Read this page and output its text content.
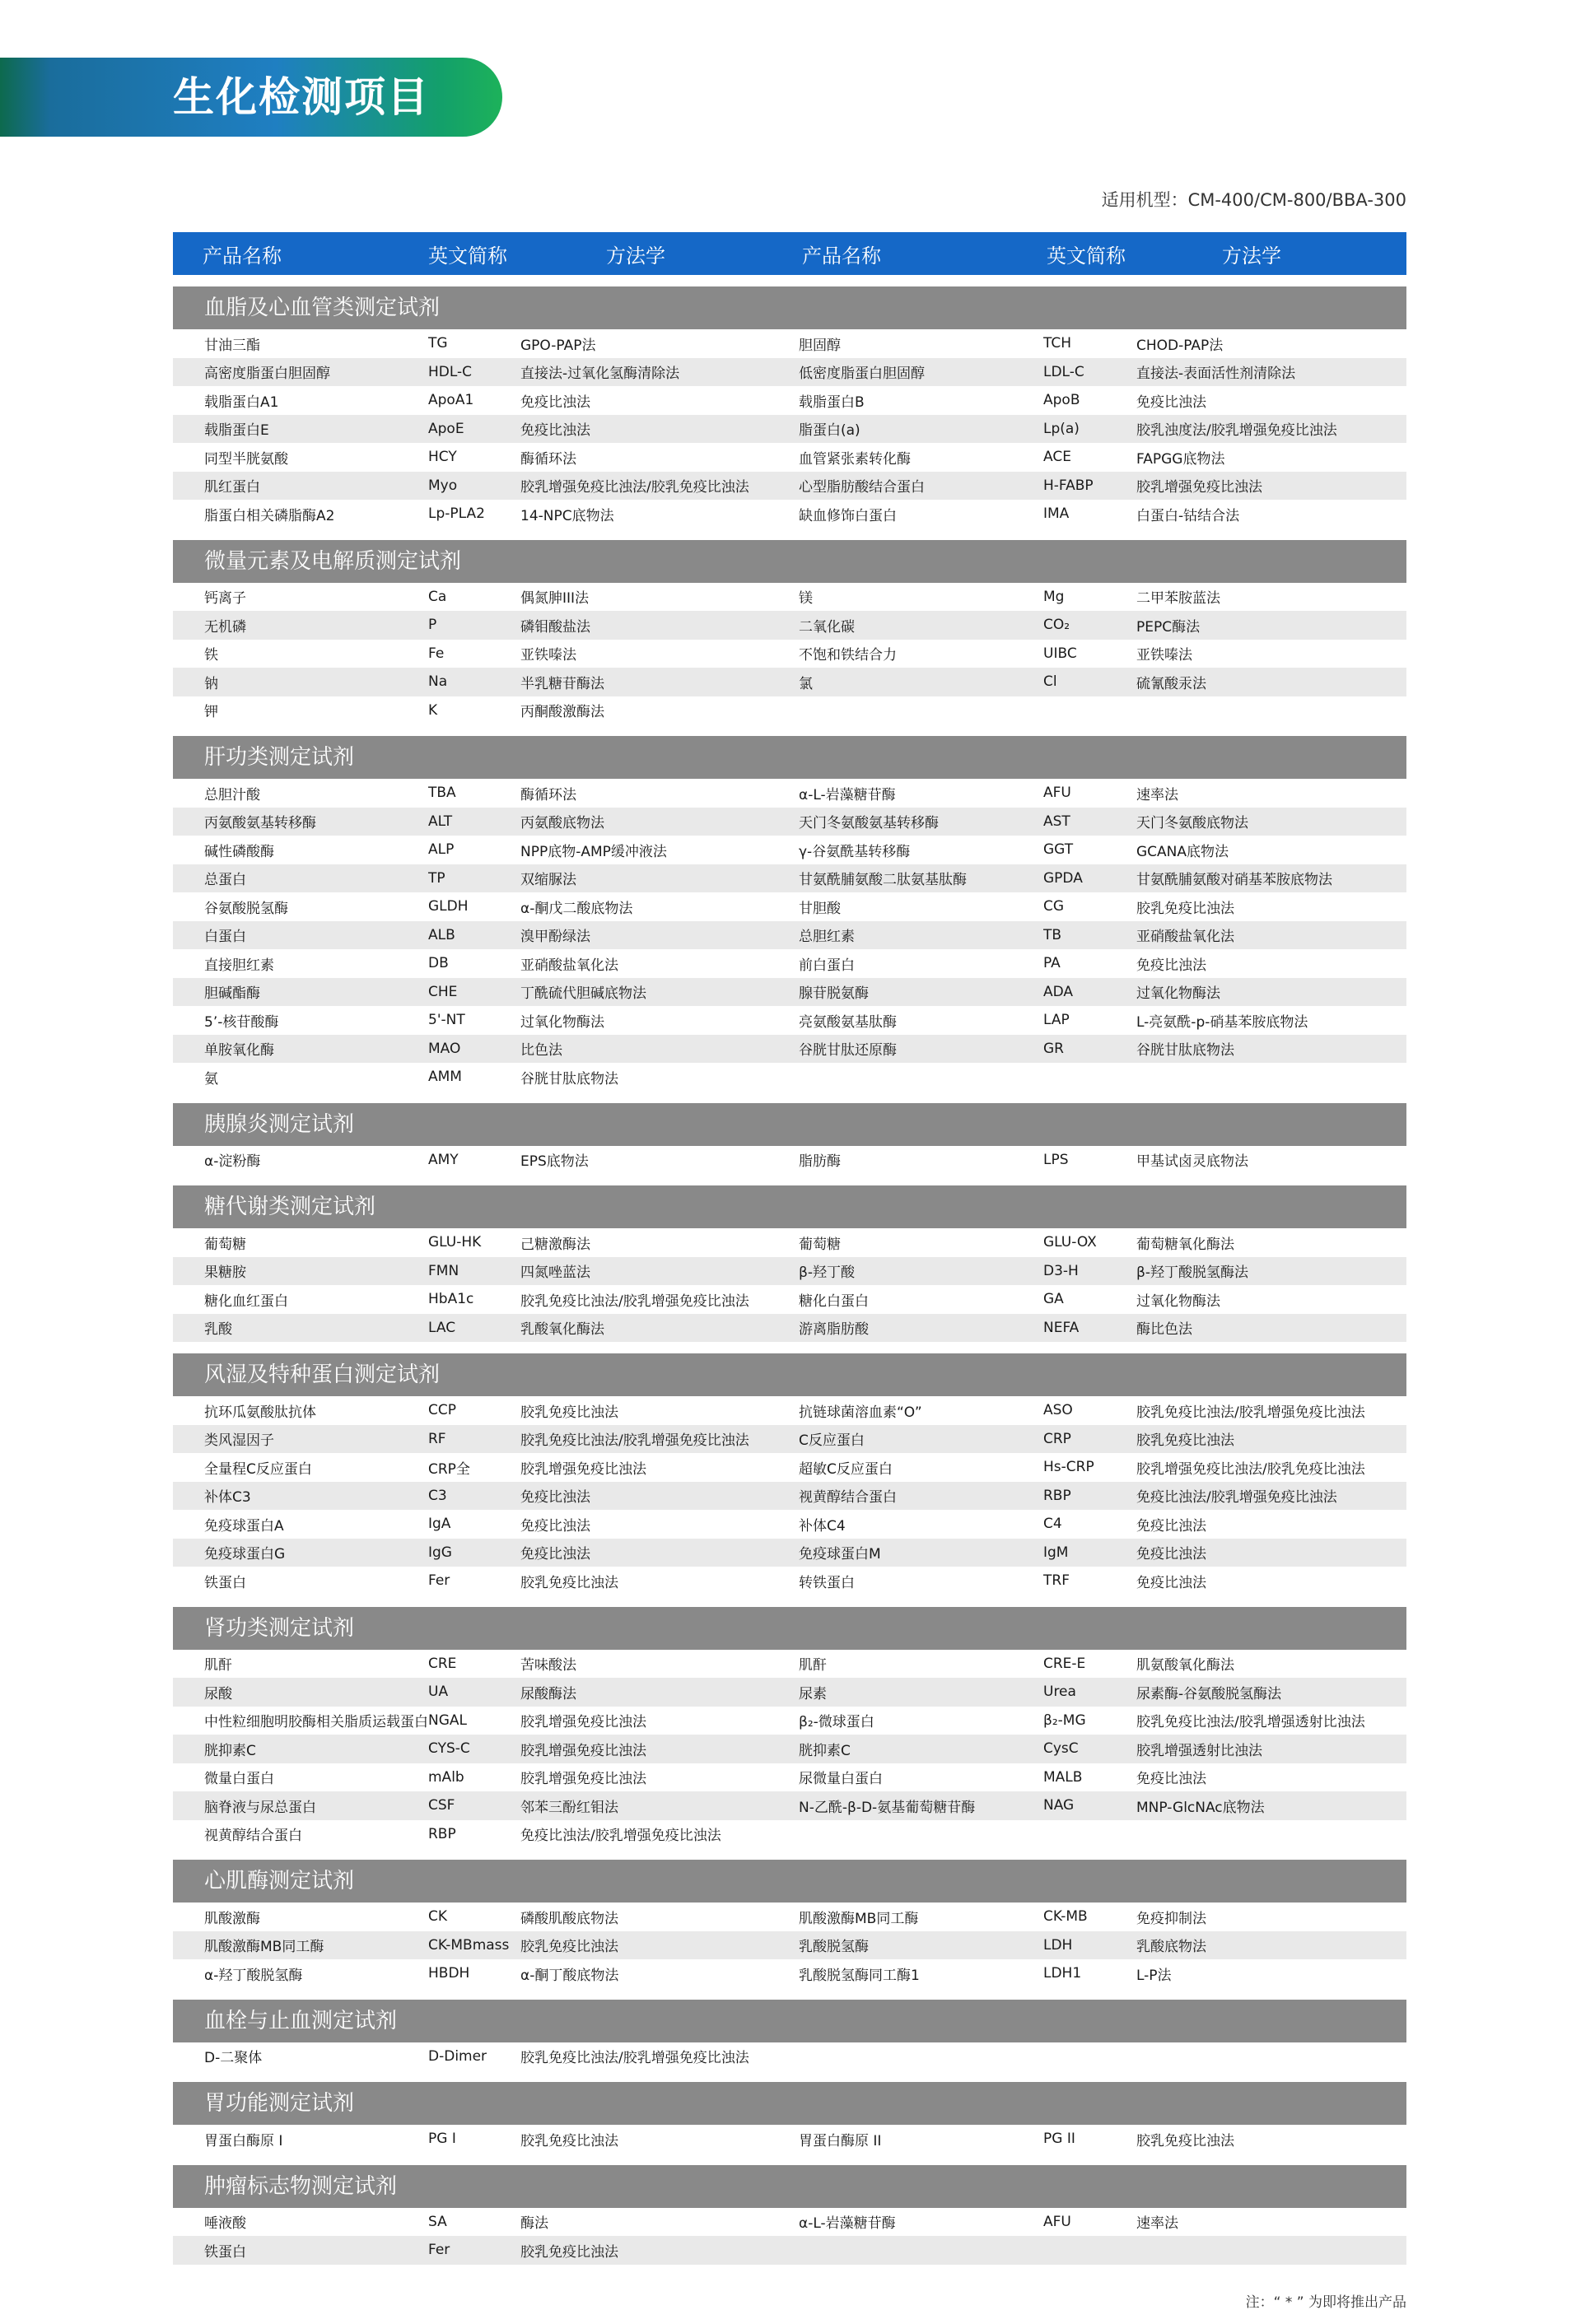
生化检测项目
适用机型：CM-400/CM-800/BBA-300
产品名称	英文简称	方法学	产品名称	英文简称	方法学
血脂及心血管类测定试剂
甘油三酯	TG	GPO-PAP法	胆固醇	TCH	CHOD-PAP法
高密度脂蛋白胆固醇	HDL-C	直接法-过氧化氢酶清除法	低密度脂蛋白胆固醇	LDL-C	直接法-表面活性剂清除法
载脂蛋白A1	ApoA1	免疫比浊法	载脂蛋白B	ApoB	免疫比浊法
载脂蛋白E	ApoE	免疫比浊法	脂蛋白(a)	Lp(a)	胶乳浊度法/胶乳增强免疫比浊法
同型半胱氨酸	HCY	酶循环法	血管紧张素转化酶	ACE	FAPGG底物法
肌红蛋白	Myo	胶乳增强免疫比浊法/胶乳免疫比浊法	心型脂肪酸结合蛋白	H-FABP	胶乳增强免疫比浊法
脂蛋白相关磷脂酶A2	Lp-PLA2	14-NPC底物法	缺血修饰白蛋白	IMA	白蛋白-钴结合法
微量元素及电解质测定试剂
钙离子	Ca	偶氮胂III法	镁	Mg	二甲苯胺蓝法
无机磷	P	磷钼酸盐法	二氧化碳	CO₂	PEPC酶法
铁	Fe	亚铁嗪法	不饱和铁结合力	UIBC	亚铁嗪法
钠	Na	半乳糖苷酶法	氯	Cl	硫氰酸汞法
钾	K	丙酮酸激酶法
肝功类测定试剂
总胆汁酸	TBA	酶循环法	α-L-岩藻糖苷酶	AFU	速率法
丙氨酸氨基转移酶	ALT	丙氨酸底物法	天门冬氨酸氨基转移酶	AST	天门冬氨酸底物法
碱性磷酸酶	ALP	NPP底物-AMP缓冲液法	γ-谷氨酰基转移酶	GGT	GCANA底物法
总蛋白	TP	双缩脲法	甘氨酰脯氨酸二肽氨基肽酶	GPDA	甘氨酰脯氨酸对硝基苯胺底物法
谷氨酸脱氢酶	GLDH	α-酮戊二酸底物法	甘胆酸	CG	胶乳免疫比浊法
白蛋白	ALB	溴甲酚绿法	总胆红素	TB	亚硝酸盐氧化法
直接胆红素	DB	亚硝酸盐氧化法	前白蛋白	PA	免疫比浊法
胆碱酯酶	CHE	丁酰硫代胆碱底物法	腺苷脱氨酶	ADA	过氧化物酶法
5’-核苷酸酶	5'-NT	过氧化物酶法	亮氨酸氨基肽酶	LAP	L-亮氨酰-p-硝基苯胺底物法
单胺氧化酶	MAO	比色法	谷胱甘肽还原酶	GR	谷胱甘肽底物法
氨	AMM	谷胱甘肽底物法
胰腺炎测定试剂
α-淀粉酶	AMY	EPS底物法	脂肪酶	LPS	甲基试卤灵底物法
糖代谢类测定试剂
葡萄糖	GLU-HK	己糖激酶法	葡萄糖	GLU-OX	葡萄糖氧化酶法
果糖胺	FMN	四氮唑蓝法	β-羟丁酸	D3-H	β-羟丁酸脱氢酶法
糖化血红蛋白	HbA1c	胶乳免疫比浊法/胶乳增强免疫比浊法	糖化白蛋白	GA	过氧化物酶法
乳酸	LAC	乳酸氧化酶法	游离脂肪酸	NEFA	酶比色法
风湿及特种蛋白测定试剂
抗环瓜氨酸肽抗体	CCP	胶乳免疫比浊法	抗链球菌溶血素“O”	ASO	胶乳免疫比浊法/胶乳增强免疫比浊法
类风湿因子	RF	胶乳免疫比浊法/胶乳增强免疫比浊法	C反应蛋白	CRP	胶乳免疫比浊法
全量程C反应蛋白	CRP全	胶乳增强免疫比浊法	超敏C反应蛋白	Hs-CRP	胶乳增强免疫比浊法/胶乳免疫比浊法
补体C3	C3	免疫比浊法	视黄醇结合蛋白	RBP	免疫比浊法/胶乳增强免疫比浊法
免疫球蛋白A	IgA	免疫比浊法	补体C4	C4	免疫比浊法
免疫球蛋白G	IgG	免疫比浊法	免疫球蛋白M	IgM	免疫比浊法
铁蛋白	Fer	胶乳免疫比浊法	转铁蛋白	TRF	免疫比浊法
肾功类测定试剂
肌酐	CRE	苦味酸法	肌酐	CRE-E	肌氨酸氧化酶法
尿酸	UA	尿酸酶法	尿素	Urea	尿素酶-谷氨酸脱氢酶法
中性粒细胞明胶酶相关脂质运载蛋白 NGAL	胶乳增强免疫比浊法	β₂-微球蛋白	β₂-MG	胶乳免疫比浊法/胶乳增强透射比浊法
胱抑素C	CYS-C	胶乳增强免疫比浊法	胱抑素C	CysC	胶乳增强透射比浊法
微量白蛋白	mAlb	胶乳增强免疫比浊法	尿微量白蛋白	MALB	免疫比浊法
脑脊液与尿总蛋白	CSF	邻苯三酚红钼法	N-乙酰-β-D-氨基葡萄糖苷酶	NAG	MNP-GlcNAc底物法
视黄醇结合蛋白	RBP	免疫比浊法/胶乳增强免疫比浊法
心肌酶测定试剂
肌酸激酶	CK	磷酸肌酸底物法	肌酸激酶MB同工酶	CK-MB	免疫抑制法
肌酸激酶MB同工酶	CK-MBmass 胶乳免疫比浊法	乳酸脱氢酶	LDH	乳酸底物法
α-羟丁酸脱氢酶	HBDH	α-酮丁酸底物法	乳酸脱氢酶同工酶1	LDH1	L-P法
血栓与止血测定试剂
D-二聚体	D-Dimer	胶乳免疫比浊法/胶乳增强免疫比浊法
胃功能测定试剂
胃蛋白酶原 I	PG I	胶乳免疫比浊法	胃蛋白酶原 II	PG II	胶乳免疫比浊法
肿瘤标志物测定试剂
唾液酸	SA	酶法	α-L-岩藻糖苷酶	AFU	速率法
铁蛋白	Fer	胶乳免疫比浊法
注：“ * ” 为即将推出产品
